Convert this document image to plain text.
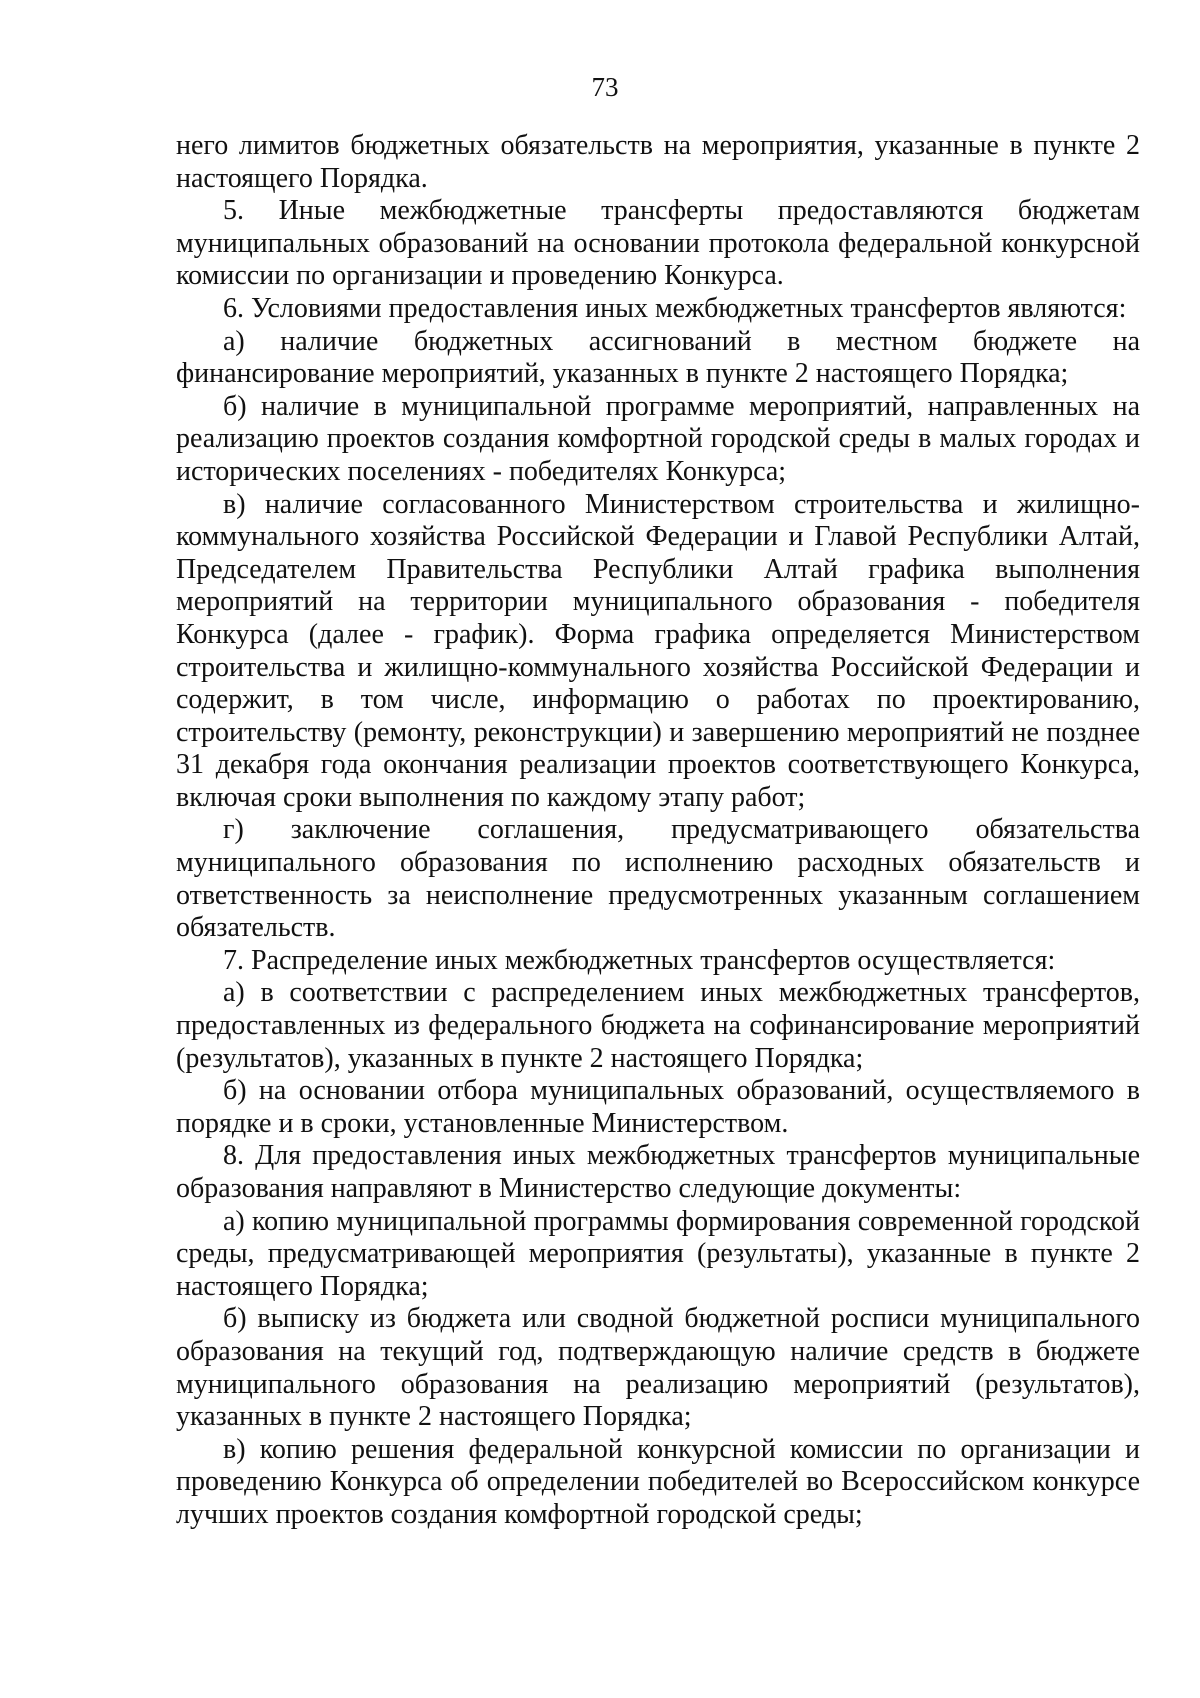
73

него лимитов бюджетных обязательств на мероприятия, указанные в пункте 2 настоящего Порядка.

5. Иные межбюджетные трансферты предоставляются бюджетам муниципальных образований на основании протокола федеральной конкурсной комиссии по организации и проведению Конкурса.

6. Условиями предоставления иных межбюджетных трансфертов являются:

а) наличие бюджетных ассигнований в местном бюджете на финансирование мероприятий, указанных в пункте 2 настоящего Порядка;

б) наличие в муниципальной программе мероприятий, направленных на реализацию проектов создания комфортной городской среды в малых городах и исторических поселениях - победителях Конкурса;

в) наличие согласованного Министерством строительства и жилищно-коммунального хозяйства Российской Федерации и Главой Республики Алтай, Председателем Правительства Республики Алтай графика выполнения мероприятий на территории муниципального образования - победителя Конкурса (далее - график). Форма графика определяется Министерством строительства и жилищно-коммунального хозяйства Российской Федерации и содержит, в том числе, информацию о работах по проектированию, строительству (ремонту, реконструкции) и завершению мероприятий не позднее 31 декабря года окончания реализации проектов соответствующего Конкурса, включая сроки выполнения по каждому этапу работ;

г) заключение соглашения, предусматривающего обязательства муниципального образования по исполнению расходных обязательств и ответственность за неисполнение предусмотренных указанным соглашением обязательств.

7. Распределение иных межбюджетных трансфертов осуществляется:

а) в соответствии с распределением иных межбюджетных трансфертов, предоставленных из федерального бюджета на софинансирование мероприятий (результатов), указанных в пункте 2 настоящего Порядка;

б) на основании отбора муниципальных образований, осуществляемого в порядке и в сроки, установленные Министерством.

8. Для предоставления иных межбюджетных трансфертов муниципальные образования направляют в Министерство следующие документы:

а) копию муниципальной программы формирования современной городской среды, предусматривающей мероприятия (результаты), указанные в пункте 2 настоящего Порядка;

б) выписку из бюджета или сводной бюджетной росписи муниципального образования на текущий год, подтверждающую наличие средств в бюджете муниципального образования на реализацию мероприятий (результатов), указанных в пункте 2 настоящего Порядка;

в) копию решения федеральной конкурсной комиссии по организации и проведению Конкурса об определении победителей во Всероссийском конкурсе лучших проектов создания комфортной городской среды;
